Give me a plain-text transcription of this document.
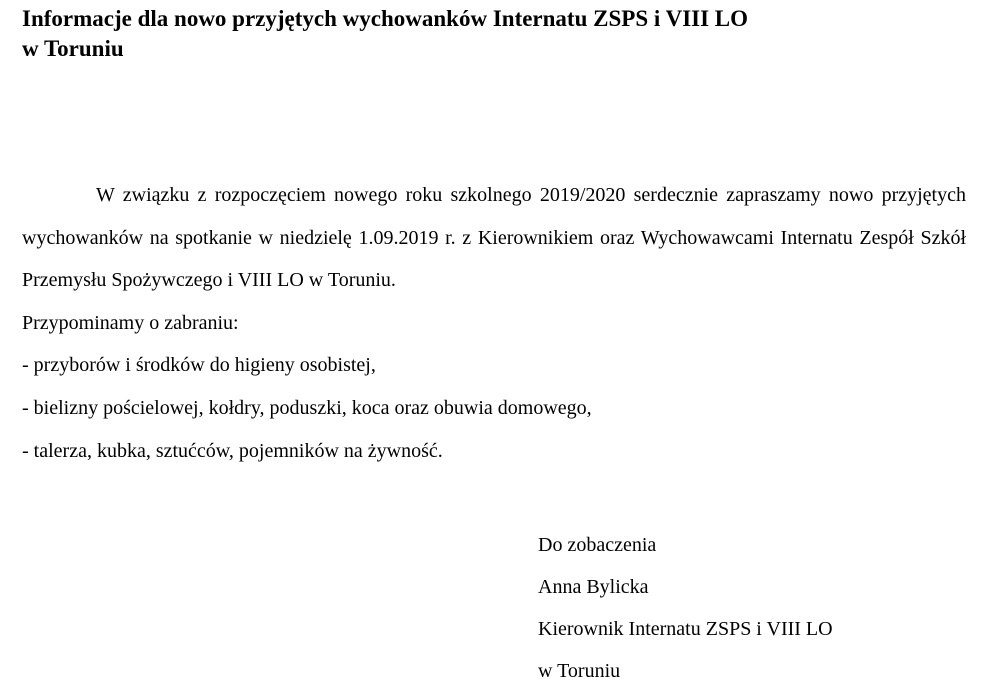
Informacje dla nowo przyjętych wychowanków Internatu ZSPS i VIII LO
w Toruniu

W związku z rozpoczęciem nowego roku szkolnego 2019/2020 serdecznie zapraszamy nowo przyjętych wychowanków na spotkanie w niedzielę 1.09.2019 r. z Kierownikiem oraz Wychowawcami Internatu Zespół Szkół Przemysłu Spożywczego i VIII LO w Toruniu.

Przypominamy o zabraniu:

- przyborów i środków do higieny osobistej,

- bielizny pościelowej, kołdry, poduszki, koca oraz obuwia domowego,

- talerza, kubka, sztućców, pojemników na żywność.

Do zobaczenia
Anna Bylicka
Kierownik Internatu ZSPS i VIII LO
w Toruniu
